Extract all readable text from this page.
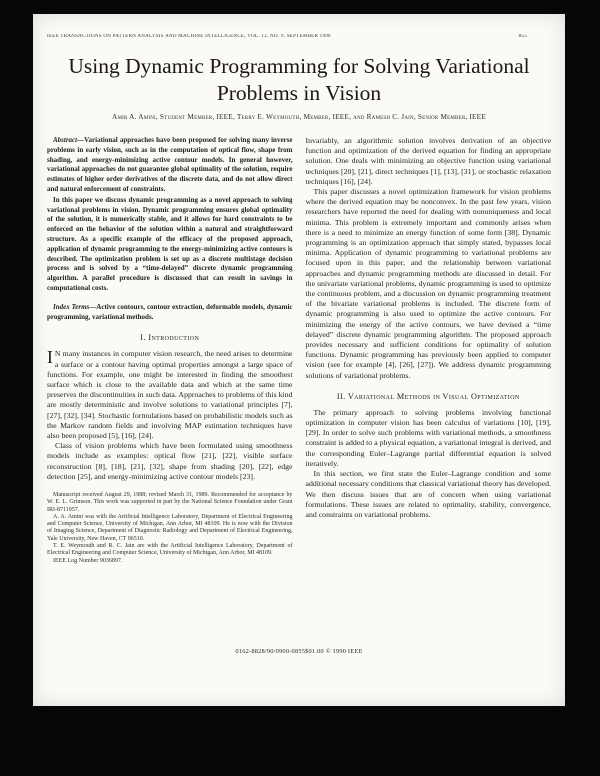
IEEE TRANSACTIONS ON PATTERN ANALYSIS AND MACHINE INTELLIGENCE, VOL. 12, NO. 9, SEPTEMBER 1990	855
Using Dynamic Programming for Solving Variational Problems in Vision
Amir A. Amini, Student Member, IEEE, Terry E. Weymouth, Member, IEEE, and Ramesh C. Jain, Senior Member, IEEE

Abstract—Variational approaches have been proposed for solving many inverse problems in early vision, such as in the computation of optical flow, shape from shading, and energy-minimizing active contour models. In general however, variational approaches do not guarantee global optimality of the solution, require estimates of higher order derivatives of the discrete data, and do not allow direct and natural enforcement of constraints.

In this paper we discuss dynamic programming as a novel approach to solving variational problems in vision. Dynamic programming ensures global optimality of the solution, it is numerically stable, and it allows for hard constraints to be enforced on the behavior of the solution within a natural and straightforward structure. As a specific example of the efficacy of the proposed approach, application of dynamic programming to the energy-minimizing active contours is described. The optimization problem is set up as a discrete multistage decision process and is solved by a “time-delayed” discrete dynamic programming algorithm. A parallel procedure is discussed that can result in savings in computational costs.

Index Terms—Active contours, contour extraction, deformable models, dynamic programming, variational methods.

I. Introduction

I N many instances in computer vision research, the need arises to determine a surface or a contour having optimal properties amongst a large space of functions. For example, one might be interested in finding the smoothest surface which is close to the available data and which at the same time preserves the discontinuities in such data. Approaches to problems of this kind are mostly deterministic and involve solutions to variational principles [7], [27], [32], [34]. Stochastic formulations based on probabilistic models such as the Markov random fields and involving MAP estimation techniques have also been proposed [5], [16], [24].

Class of vision problems which have been formulated using smoothness models include as examples: optical flow [21], [22], visible surface reconstruction [8], [18], [21], [32], shape from shading [20], [22], edge detection [25], and energy-minimizing active contour models [23].

Manuscript received August 29, 1988; revised March 31, 1989. Recommended for acceptance by W. E. L. Grimson. This work was supported in part by the National Science Foundation under Grant IRI-8711957.

A. A. Amini was with the Artificial Intelligence Laboratory, Department of Electrical Engineering and Computer Science, University of Michigan, Ann Arbor, MI 48109. He is now with the Division of Imaging Science, Department of Diagnostic Radiology and Department of Electrical Engineering, Yale University, New Haven, CT 06510.

T. E. Weymouth and R. C. Jain are with the Artificial Intelligence Laboratory, Department of Electrical Engineering and Computer Science, University of Michigan, Ann Arbor, MI 48109.

IEEE Log Number 9036897.

Invariably, an algorithmic solution involves derivation of an objective function and optimization of the derived equation for finding an appropriate solution. One deals with minimizing an objective function using variational techniques [20], [21], direct techniques [1], [13], [31], or stochastic relaxation techniques [16], [24].

This paper discusses a novel optimization framework for vision problems where the derived equation may be nonconvex. In the past few years, vision researchers have reported the need for dealing with nonuniqueness and local minima. This problem is extremely important and commonly arises when there is a need to minimize an energy function of some form [38]. Dynamic programming is an optimization approach that simply stated, bypasses local minima. Application of dynamic programming to variational problems are focused upon in this paper, and the relationship between variational approaches and dynamic programming methods are discussed in detail. For the univariate variational problems, dynamic programming is used to optimize the continuous problem, and a discussion on dynamic programming treatment of the bivariate variational problems is included. The discrete form of dynamic programming is also used to optimize the active contours. For minimizing the energy of the active contours, we have devised a “time delayed” discrete dynamic programming algorithm. The proposed approach provides necessary and sufficient conditions for optimality of solution functions. Dynamic programming has previously been applied to computer vision (see for example [4], [26], [27]). We address dynamic programming solutions of variational problems.

II. Variational Methods in Visual Optimization

The primary approach to solving problems involving functional optimization in computer vision has been calculus of variations [10], [19], [29]. In order to solve such problems with variational methods, a smoothness constraint is added to a physical equation, a variational integral is derived, and the corresponding Euler–Lagrange partial differential equation is solved iteratively.

In this section, we first state the Euler–Lagrange condition and some additional necessary conditions that classical variational theory has developed. We then discuss issues that are of concern when using variational formulations. These issues are related to optimality, stability, convergence, and constraints on variational problems.

0162-8828/90/0900-0855$01.00 © 1990 IEEE
